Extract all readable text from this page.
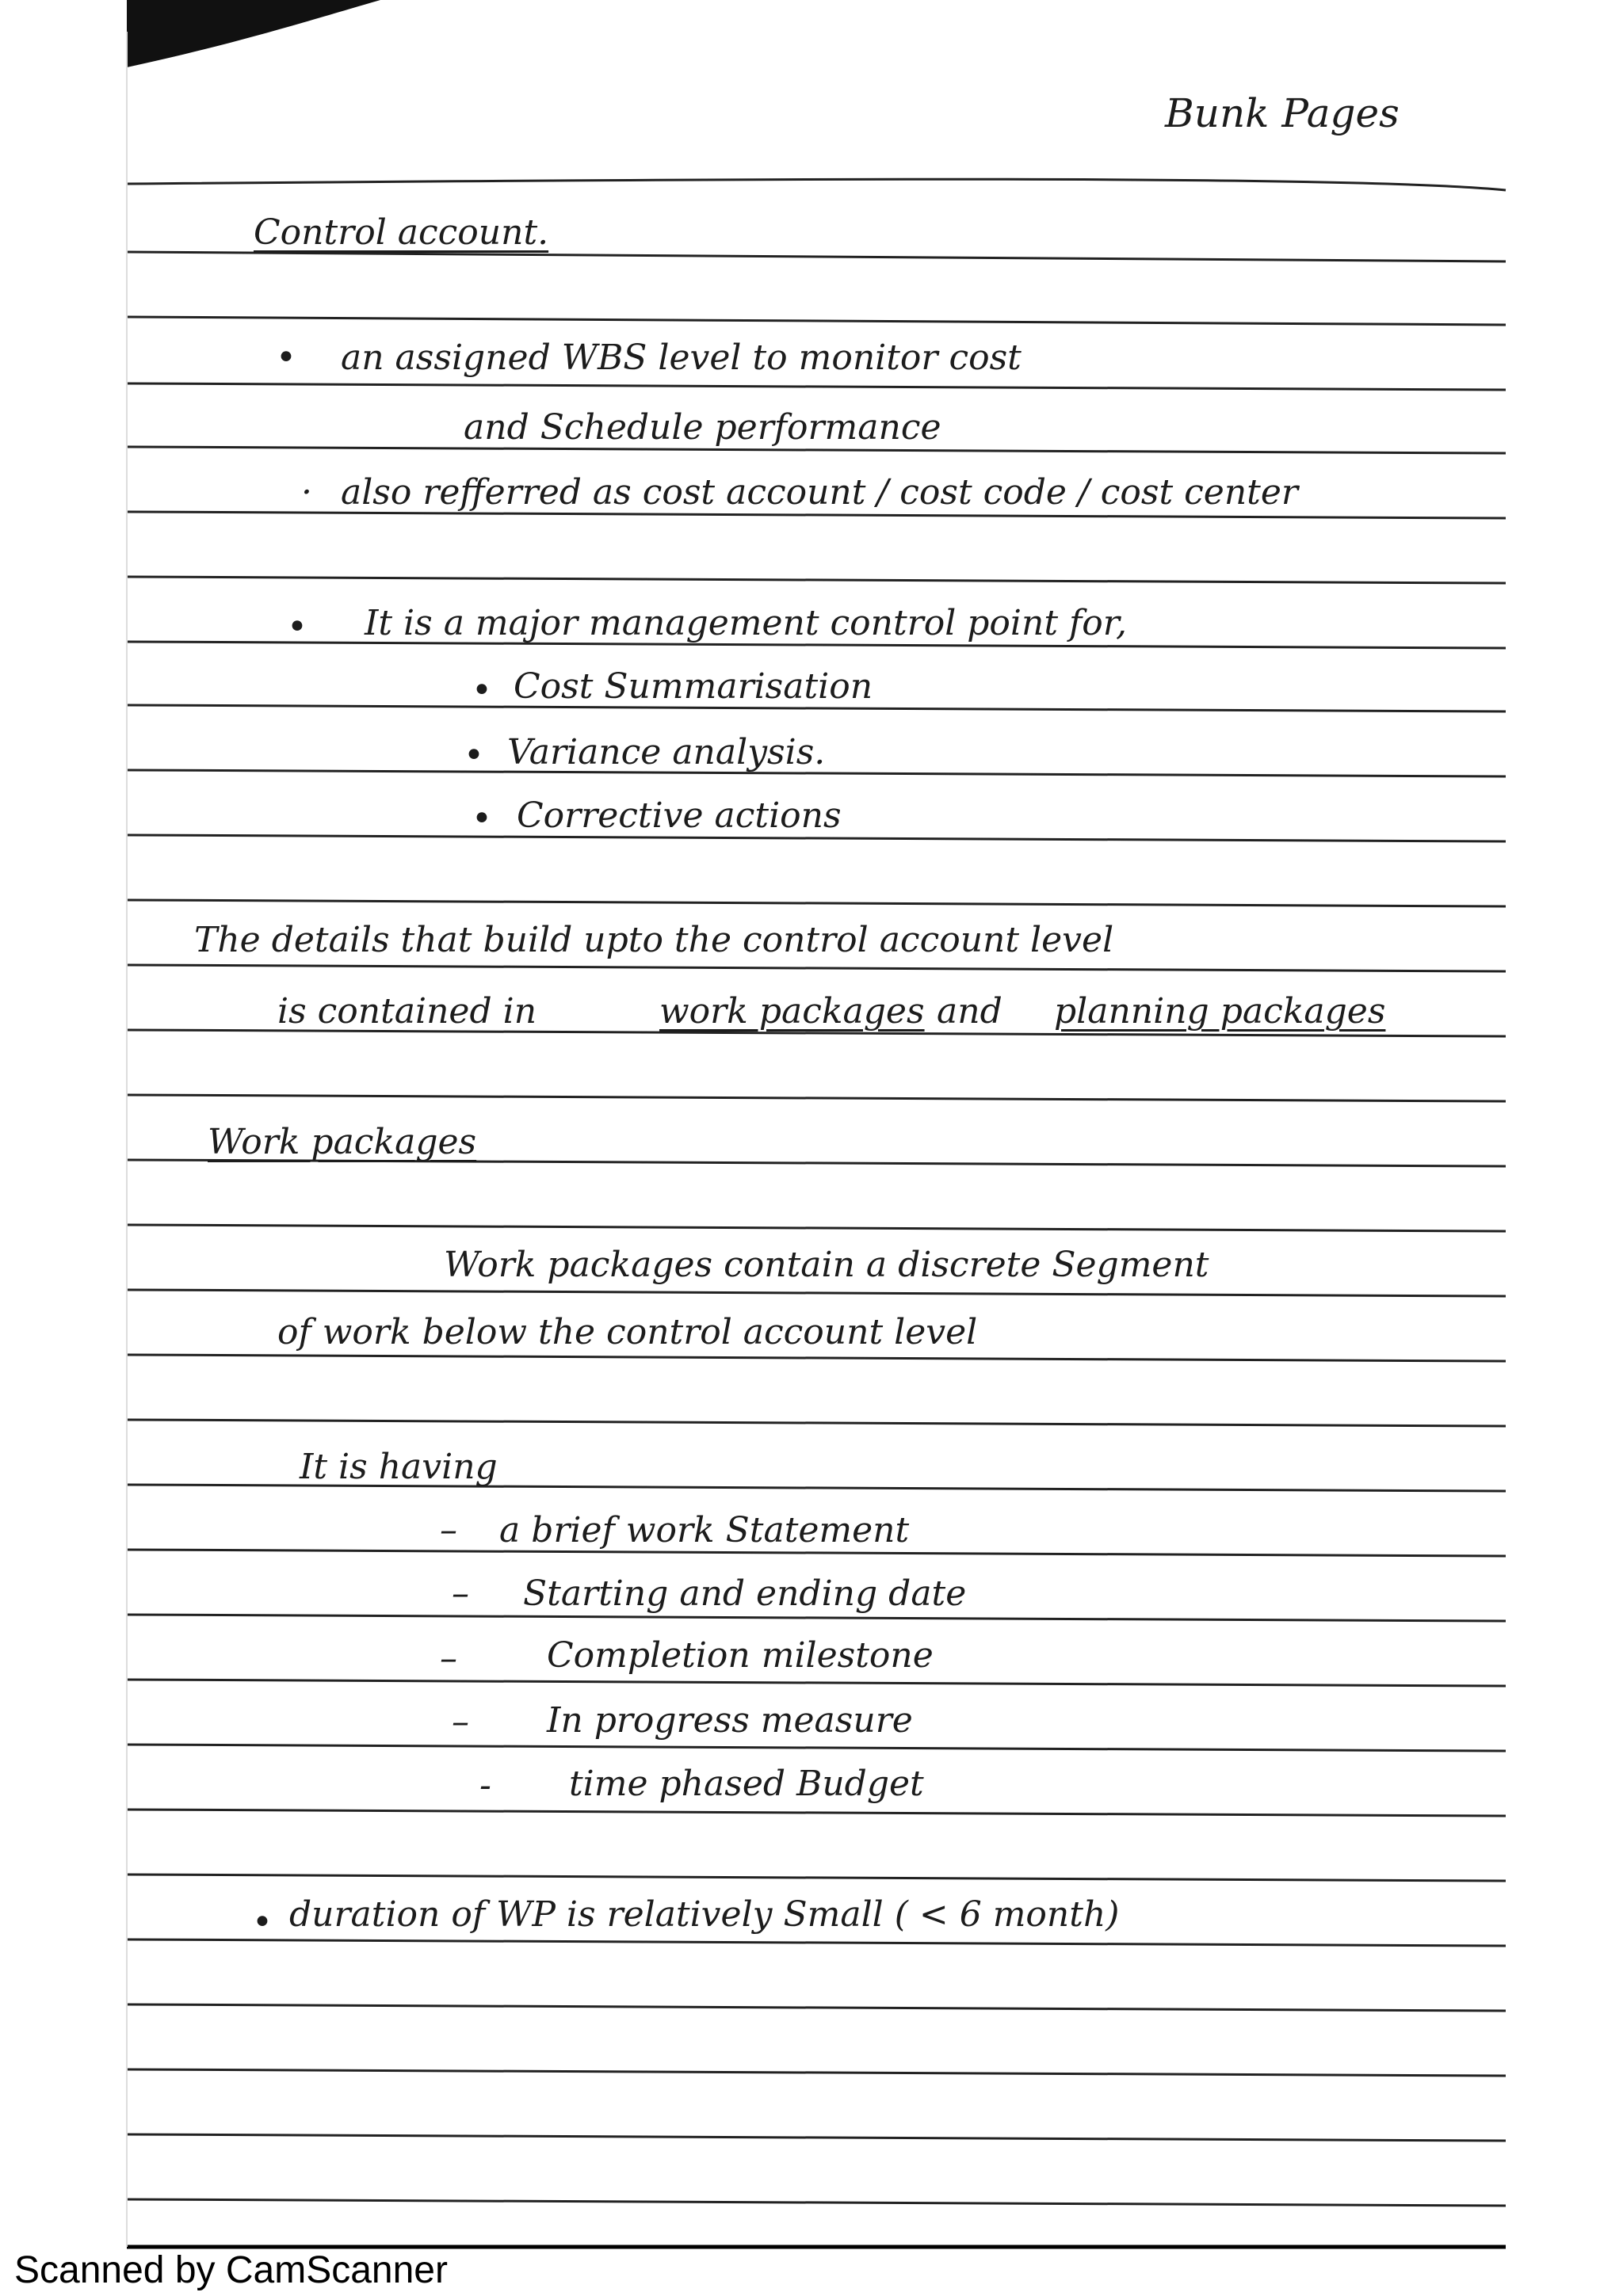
Bunk Pages
Control account.
• an assigned WBS level to monitor cost
and Schedule performance
· also refferred as cost account / cost code / cost center
• It is a major management control point for,
• Cost Summarisation
• Variance analysis.
• Corrective actions
The details that build upto the control account level
is contained in	work packages and planning packages
Work packages
Work packages contain a discrete Segment
of work below the control account level
It is having
– a brief work Statement
– Starting and ending date
–	Completion milestone
– In progress measure
- time phased Budget
• duration of WP is relatively Small ( < 6 month)
Scanned by CamScanner
